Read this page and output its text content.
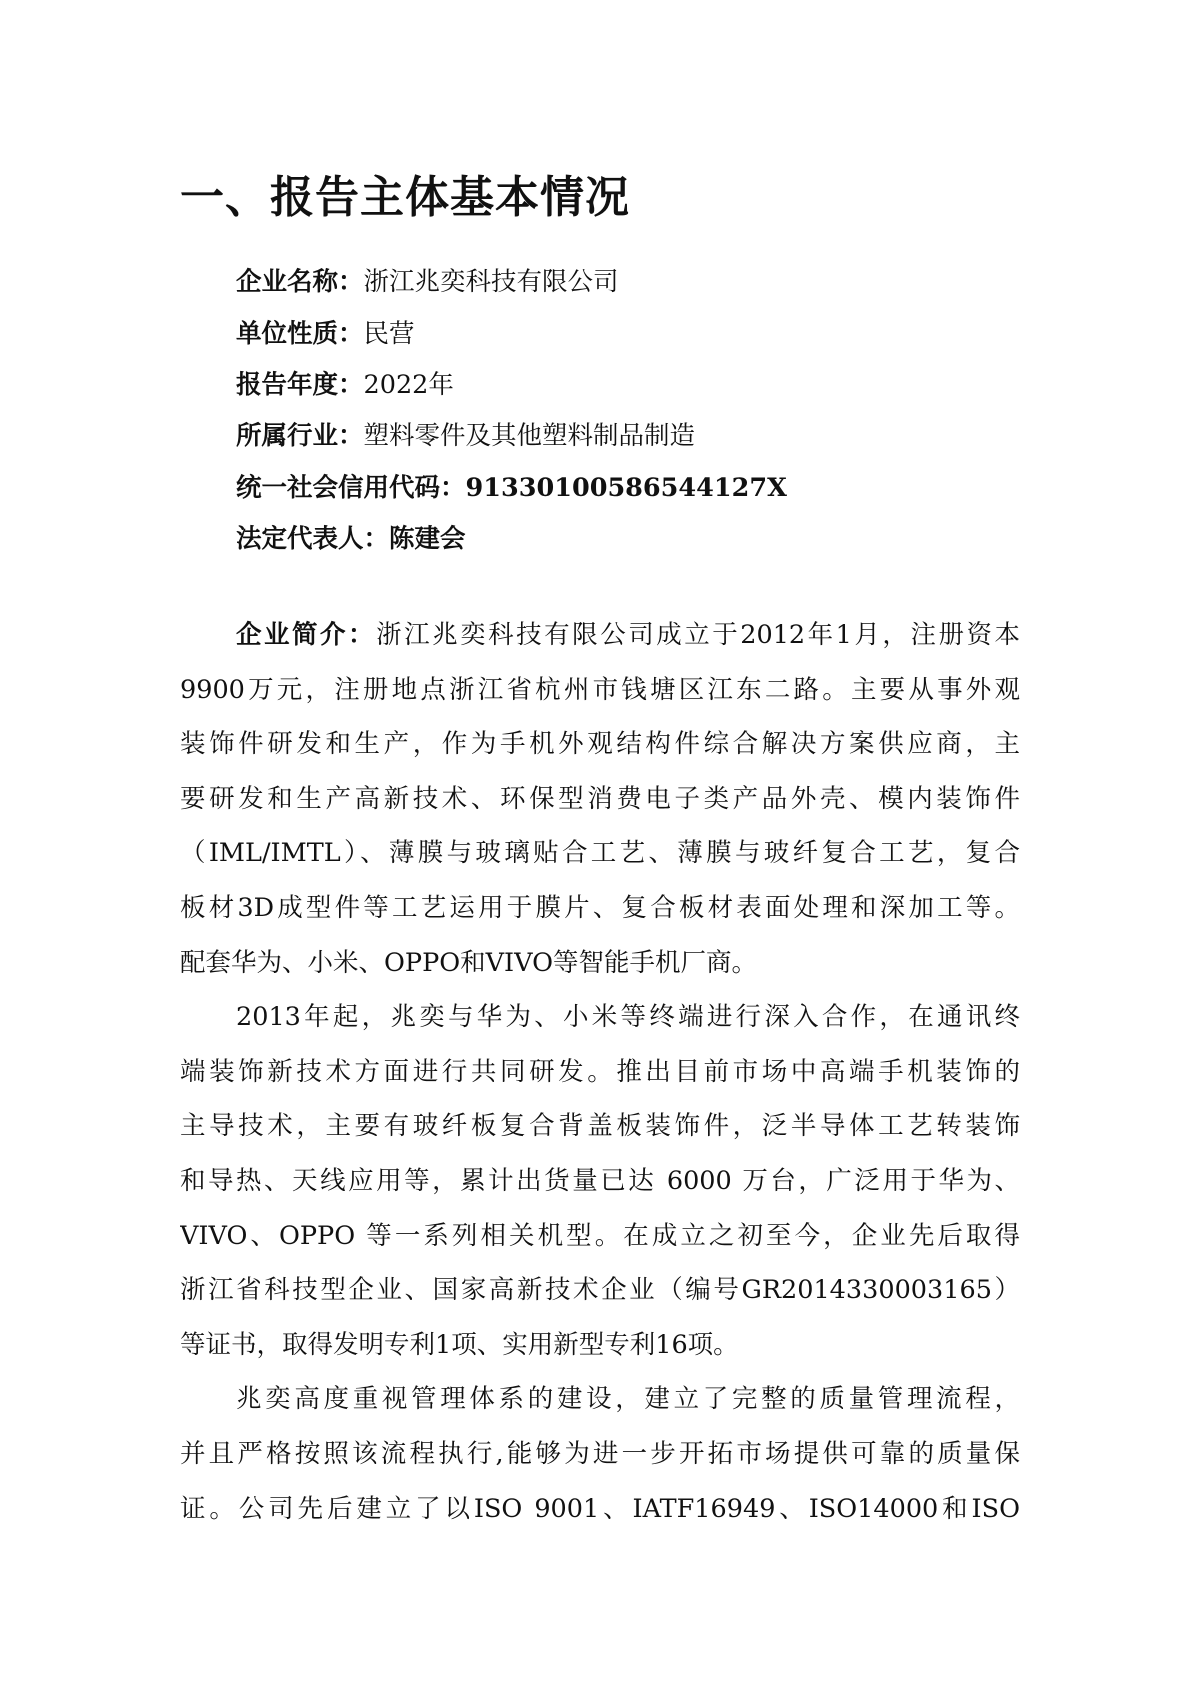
一、报告主体基本情况

企业名称：浙江兆奕科技有限公司

单位性质：民营

报告年度：2022年

所属行业：塑料零件及其他塑料制品制造

统一社会信用代码：91330100586544127X

法定代表人：陈建会

企业简介：浙江兆奕科技有限公司成立于2012年1月，注册资本
9900万元，注册地点浙江省杭州市钱塘区江东二路。主要从事外观
装饰件研发和生产，作为手机外观结构件综合解决方案供应商，主
要研发和生产高新技术、环保型消费电子类产品外壳、模内装饰件
（IML/IMTL）、薄膜与玻璃贴合工艺、薄膜与玻纤复合工艺，复合
板材3D成型件等工艺运用于膜片、复合板材表面处理和深加工等。
配套华为、小米、OPPO和VIVO等智能手机厂商。
2013年起，兆奕与华为、小米等终端进行深入合作，在通讯终
端装饰新技术方面进行共同研发。推出目前市场中高端手机装饰的
主导技术，主要有玻纤板复合背盖板装饰件，泛半导体工艺转装饰
和导热、天线应用等，累计出货量已达 6000 万台，广泛用于华为、
VIVO、OPPO 等一系列相关机型。在成立之初至今，企业先后取得
浙江省科技型企业、国家高新技术企业（编号GR2014330003165）
等证书，取得发明专利1项、实用新型专利16项。
兆奕高度重视管理体系的建设，建立了完整的质量管理流程，
并且严格按照该流程执行,能够为进一步开拓市场提供可靠的质量保
证。公司先后建立了以ISO 9001、IATF16949、ISO14000和ISO
